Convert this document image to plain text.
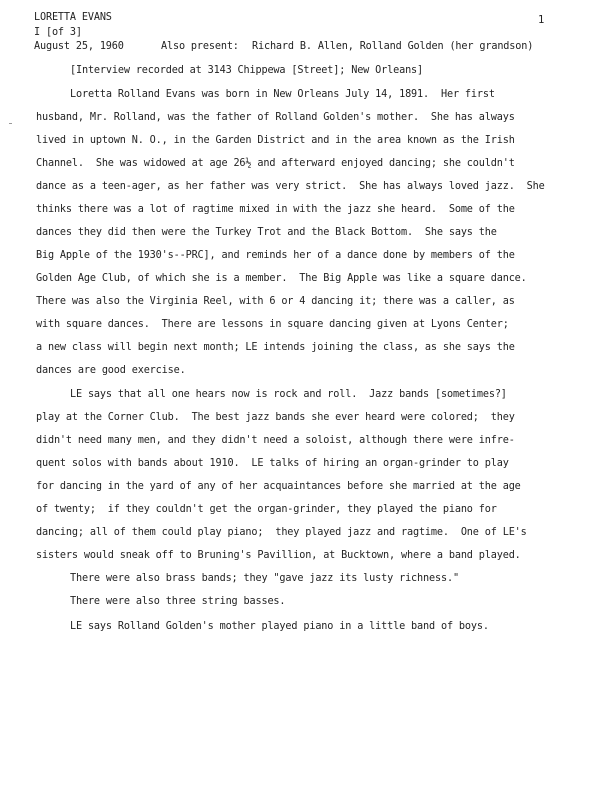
LORETTA EVANS	1
I [of 3]
August 25, 1960	Also present: Richard B. Allen, Rolland Golden (her grandson)
[Interview recorded at 3143 Chippewa [Street]; New Orleans]
Loretta Rolland Evans was born in New Orleans July 14, 1891.  Her first
husband, Mr. Rolland, was the father of Rolland Golden's mother.  She has always
lived in uptown N. O., in the Garden District and in the area known as the Irish
Channel.  She was widowed at age 26½ and afterward enjoyed dancing; she couldn't
dance as a teen-ager, as her father was very strict.  She has always loved jazz.  She
thinks there was a lot of ragtime mixed in with the jazz she heard.  Some of the
dances they did then were the Turkey Trot and the Black Bottom.  She says the
Big Apple of the 1930's--PRC], and reminds her of a dance done by members of the
Golden Age Club, of which she is a member.  The Big Apple was like a square dance.
There was also the Virginia Reel, with 6 or 4 dancing it; there was a caller, as
with square dances.  There are lessons in square dancing given at Lyons Center;
a new class will begin next month; LE intends joining the class, as she says the
dances are good exercise.
LE says that all one hears now is rock and roll.  Jazz bands [sometimes?]
play at the Corner Club.  The best jazz bands she ever heard were colored;  they
didn't need many men, and they didn't need a soloist, although there were infre-
quent solos with bands about 1910.  LE talks of hiring an organ-grinder to play
for dancing in the yard of any of her acquaintances before she married at the age
of twenty;  if they couldn't get the organ-grinder, they played the piano for
dancing; all of them could play piano;  they played jazz and ragtime.  One of LE's
sisters would sneak off to Bruning's Pavillion, at Bucktown, where a band played.
There were also brass bands; they "gave jazz its lusty richness."
There were also three string basses.
LE says Rolland Golden's mother played piano in a little band of boys.
